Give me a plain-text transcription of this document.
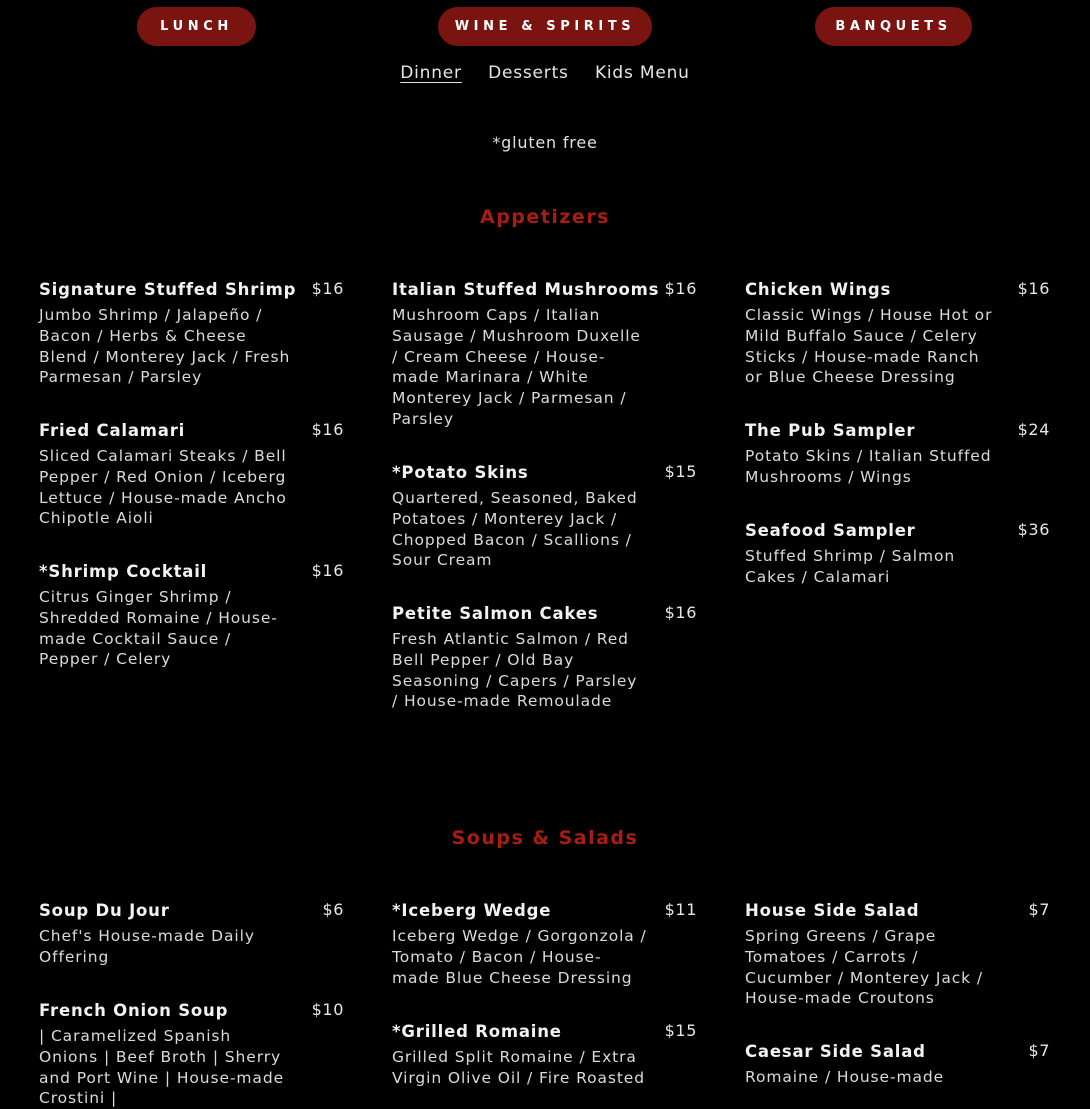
LUNCH	WINE & SPIRITS	BANQUETS
Dinner Desserts Kids Menu
*gluten free
Appetizers
Signature Stuffed Shrimp $16
Jumbo Shrimp / Jalapeño / Bacon / Herbs & Cheese Blend / Monterey Jack / Fresh Parmesan / Parsley
Fried Calamari	$16
Sliced Calamari Steaks / Bell Pepper / Red Onion / Iceberg Lettuce / House-made Ancho Chipotle Aioli
*Shrimp Cocktail	$16
Citrus Ginger Shrimp / Shredded Romaine / House-made Cocktail Sauce / Pepper / Celery
Italian Stuffed Mushrooms $16
Mushroom Caps / Italian Sausage / Mushroom Duxelle / Cream Cheese / House-made Marinara / White Monterey Jack / Parmesan / Parsley
*Potato Skins	$15
Quartered, Seasoned, Baked Potatoes / Monterey Jack / Chopped Bacon / Scallions / Sour Cream
Petite Salmon Cakes	$16
Fresh Atlantic Salmon / Red Bell Pepper / Old Bay Seasoning / Capers / Parsley / House-made Remoulade
Chicken Wings	$16
Classic Wings / House Hot or Mild Buffalo Sauce / Celery Sticks / House-made Ranch or Blue Cheese Dressing
The Pub Sampler	$24
Potato Skins / Italian Stuffed Mushrooms / Wings
Seafood Sampler	$36
Stuffed Shrimp / Salmon Cakes / Calamari
Soups & Salads
Soup Du Jour	$6
Chef's House-made Daily Offering
French Onion Soup	$10
| Caramelized Spanish Onions | Beef Broth | Sherry and Port Wine | House-made Crostini |
*Iceberg Wedge	$11
Iceberg Wedge / Gorgonzola / Tomato / Bacon / House-made Blue Cheese Dressing
*Grilled Romaine	$15
Grilled Split Romaine / Extra Virgin Olive Oil / Fire Roasted
House Side Salad	$7
Spring Greens / Grape Tomatoes / Carrots / Cucumber / Monterey Jack / House-made Croutons
Caesar Side Salad	$7
Romaine / House-made
